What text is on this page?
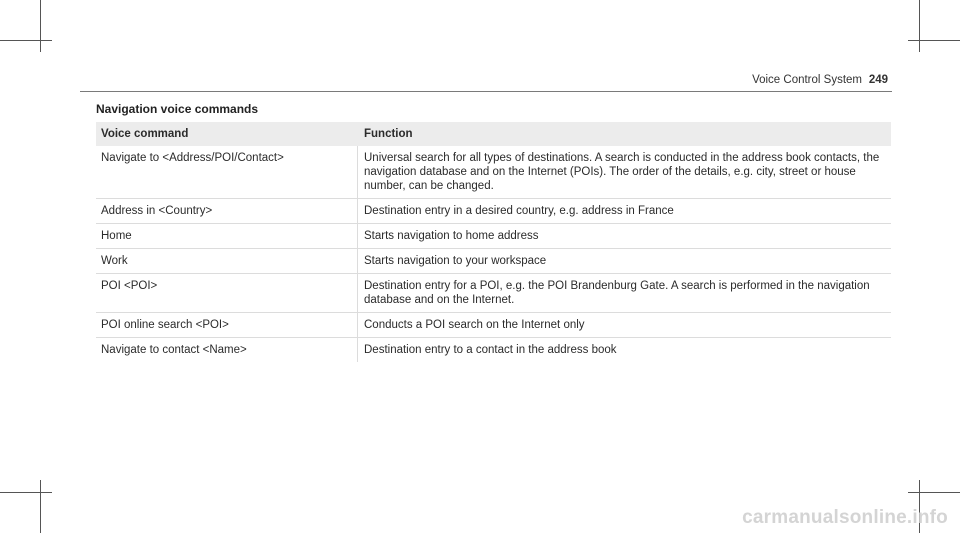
Voice Control System 249
Navigation voice commands
Voice command	Function
Navigate to <Address/POI/Contact>	Universal search for all types of destinations. A search is conducted in the address book contacts, the navigation database and on the Internet (POIs). The order of the details, e.g. city, street or house number, can be changed.
Address in <Country>	Destination entry in a desired country, e.g. address in France
Home	Starts navigation to home address
Work	Starts navigation to your workspace
POI <POI>	Destination entry for a POI, e.g. the POI Brandenburg Gate. A search is performed in the navigation database and on the Internet.
POI online search <POI>	Conducts a POI search on the Internet only
Navigate to contact <Name>	Destination entry to a contact in the address book
carmanualsonline.info
